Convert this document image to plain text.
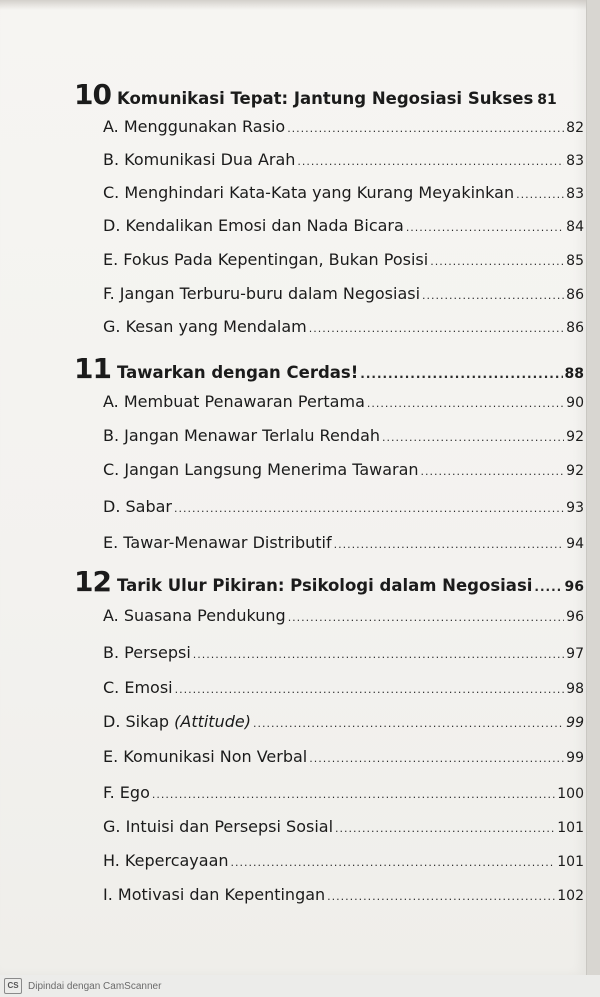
10 Komunikasi Tepat: Jantung Negosiasi Sukses 81
A. Menggunakan Rasio .....	82
B. Komunikasi Dua Arah .....	83
C. Menghindari Kata-Kata yang Kurang Meyakinkan .....	83
D. Kendalikan Emosi dan Nada Bicara .....	84
E. Fokus Pada Kepentingan, Bukan Posisi .....	85
F. Jangan Terburu-buru dalam Negosiasi .....	86
G. Kesan yang Mendalam .....	86
11 Tawarkan dengan Cerdas! .....	88
A. Membuat Penawaran Pertama .....	90
B. Jangan Menawar Terlalu Rendah .....	92
C. Jangan Langsung Menerima Tawaran .....	92
D. Sabar .....	93
E. Tawar-Menawar Distributif .....	94
12 Tarik Ulur Pikiran: Psikologi dalam Negosiasi ..... 96
A. Suasana Pendukung .....	96
B. Persepsi .....	97
C. Emosi .....	98
D. Sikap (Attitude) .....	99
E. Komunikasi Non Verbal .....	99
F. Ego .....	100
G. Intuisi dan Persepsi Sosial .....	101
H. Kepercayaan .....	101
I. Motivasi dan Kepentingan .....	102
CS Dipindai dengan CamScanner
